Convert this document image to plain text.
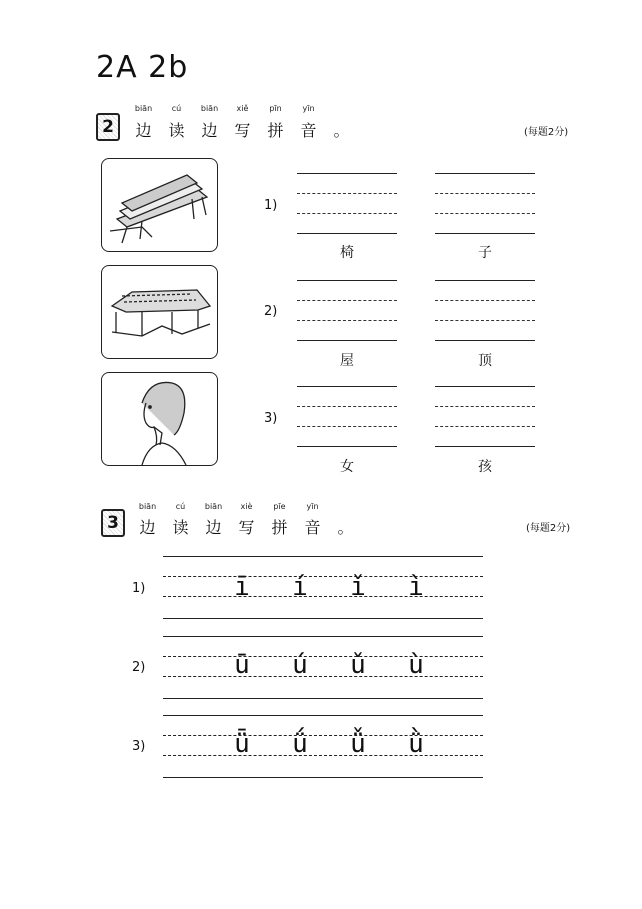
2A 2b
2
biān	cú	biān	xiě	pīn	yīn
边	读	边	写	拼	音	。	(每题2分)
1)
2)
3)
椅	子
屋	顶
女	孩
3
biān	cú	biān	xiè	pīe	yīn
边	读	边	写	拼	音	。	(每题2分)
1)	ī	í	ǐ	ì
2)	ū	ú	ǔ	ù
3)	ǖ	ǘ	ǚ	ǜ
